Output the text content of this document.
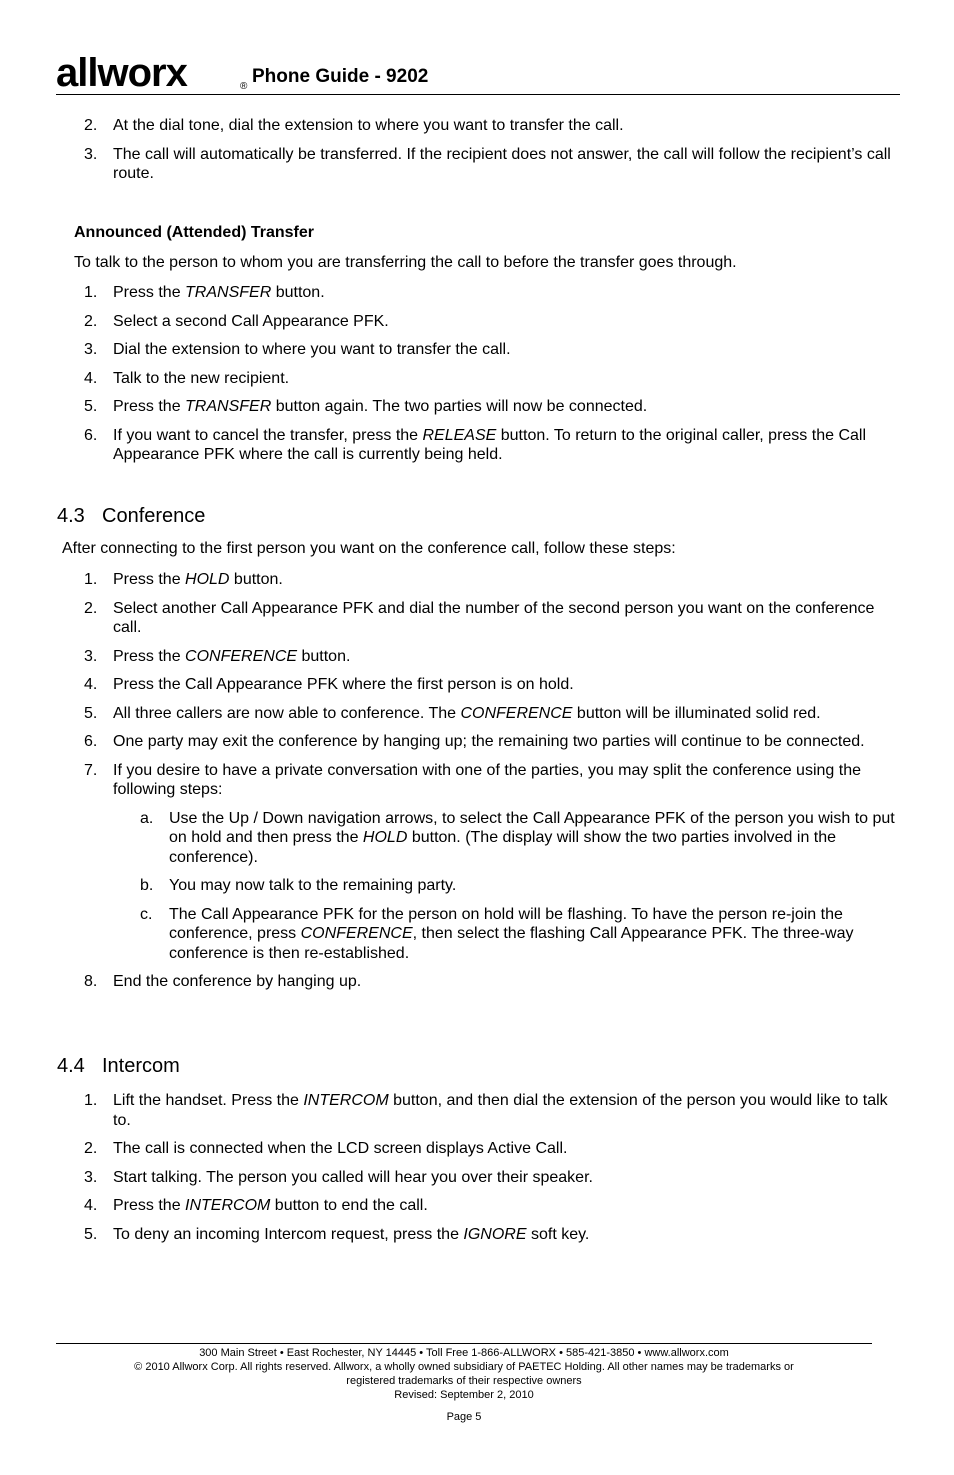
allworx	® Phone Guide - 9202
2. At the dial tone, dial the extension to where you want to transfer the call.
3. The call will automatically be transferred. If the recipient does not answer, the call will follow the recipient’s call route.
Announced (Attended) Transfer
To talk to the person to whom you are transferring the call to before the transfer goes through.
1. Press the TRANSFER button.
2. Select a second Call Appearance PFK.
3. Dial the extension to where you want to transfer the call.
4. Talk to the new recipient.
5. Press the TRANSFER button again. The two parties will now be connected.
6. If you want to cancel the transfer, press the RELEASE button. To return to the original caller, press the Call Appearance PFK where the call is currently being held.
4.3 Conference
After connecting to the first person you want on the conference call, follow these steps:
1. Press the HOLD button.
2. Select another Call Appearance PFK and dial the number of the second person you want on the conference call.
3. Press the CONFERENCE button.
4. Press the Call Appearance PFK where the first person is on hold.
5. All three callers are now able to conference. The CONFERENCE button will be illuminated solid red.
6. One party may exit the conference by hanging up; the remaining two parties will continue to be connected.
7. If you desire to have a private conversation with one of the parties, you may split the conference using the following steps:
a. Use the Up / Down navigation arrows, to select the Call Appearance PFK of the person you wish to put on hold and then press the HOLD button. (The display will show the two parties involved in the conference).
b. You may now talk to the remaining party.
c.	The Call Appearance PFK for the person on hold will be flashing. To have the person re-join the conference, press CONFERENCE, then select the flashing Call Appearance PFK. The three-way conference is then re-established.
8. End the conference by hanging up.
4.4 Intercom
1. Lift the handset. Press the INTERCOM button, and then dial the extension of the person you would like to talk to.
2. The call is connected when the LCD screen displays Active Call.
3. Start talking. The person you called will hear you over their speaker.
4. Press the INTERCOM button to end the call.
5. To deny an incoming Intercom request, press the IGNORE soft key.
300 Main Street • East Rochester, NY 14445 • Toll Free 1-866-ALLWORX • 585-421-3850 • www.allworx.com
© 2010 Allworx Corp. All rights reserved. Allworx, a wholly owned subsidiary of PAETEC Holding. All other names may be trademarks or
registered trademarks of their respective owners
Revised: September 2, 2010
Page 5
